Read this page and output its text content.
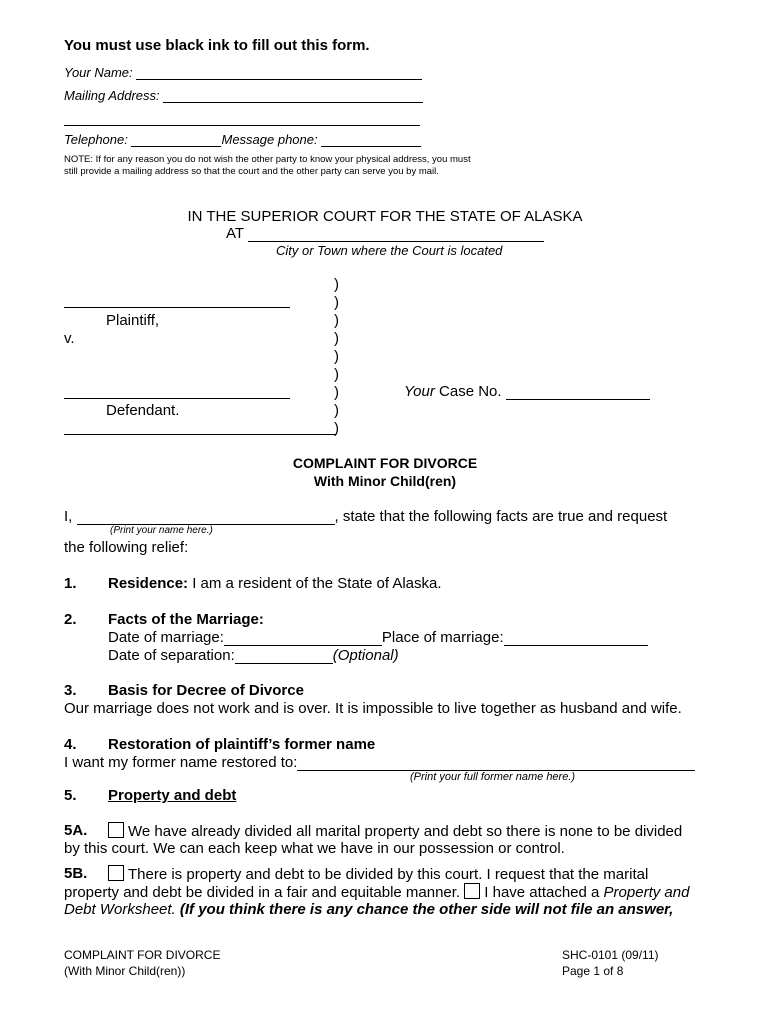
You must use black ink to fill out this form.
Your Name:
Mailing Address:
Telephone:	Message phone:
NOTE: If for any reason you do not wish the other party to know your physical address, you must still provide a mailing address so that the court and the other party can serve you by mail.
IN THE SUPERIOR COURT FOR THE STATE OF ALASKA
AT
City or Town where the Court is located
Plaintiff,
v.
Defendant.
)
)
)
)
)
)
)
)
)
Your Case No.
COMPLAINT FOR DIVORCE
With Minor Child(ren)
I,	, state that the following facts are true and request
(Print your name here.)
the following relief:
1. Residence: I am a resident of the State of Alaska.
2. Facts of the Marriage:
Date of marriage:	Place of marriage:
Date of separation:	(Optional)
3. Basis for Decree of Divorce
Our marriage does not work and is over. It is impossible to live together as husband and wife.
4. Restoration of plaintiff’s former name
I want my former name restored to:
(Print your full former name here.)
5. Property and debt
5A.	We have already divided all marital property and debt so there is none to be divided
by this court. We can each keep what we have in our possession or control.
5B.	There is property and debt to be divided by this court. I request that the marital
property and debt be divided in a fair and equitable manner. I have attached a Property and
Debt Worksheet. (If you think there is any chance the other side will not file an answer,
COMPLAINT FOR DIVORCE
(With Minor Child(ren))
SHC-0101 (09/11)
Page 1 of 8
